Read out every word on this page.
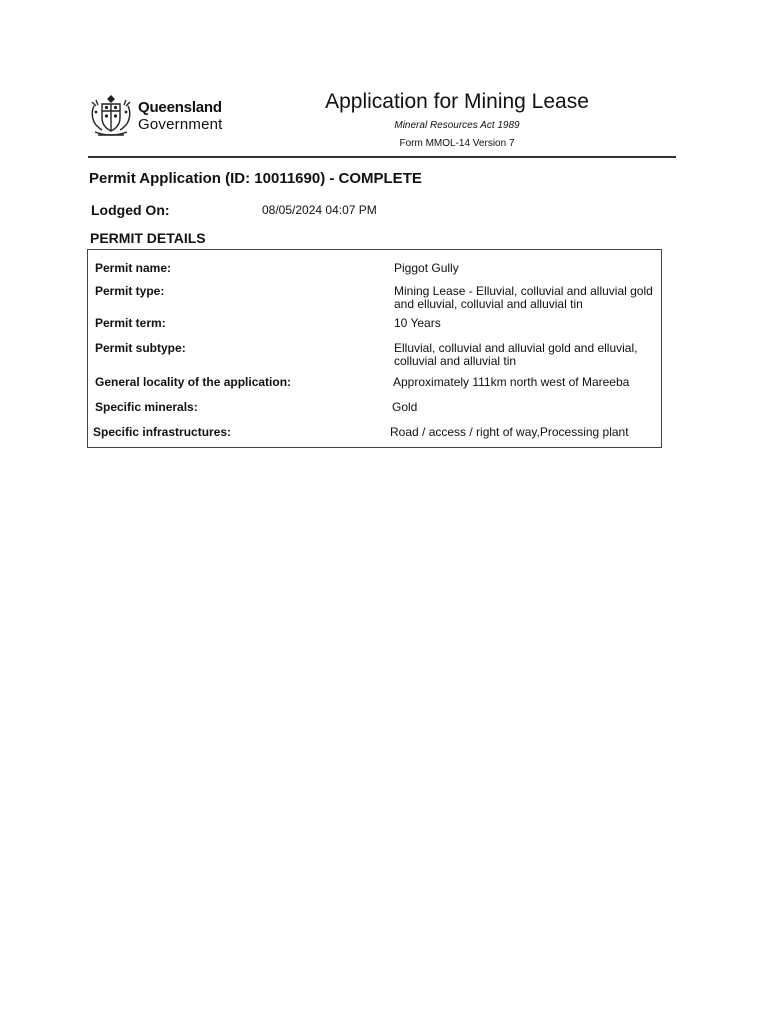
Queensland
Government
Application for Mining Lease
Mineral Resources Act 1989
Form MMOL-14 Version 7
Permit Application (ID: 10011690) - COMPLETE
Lodged On:	08/05/2024 04:07 PM
PERMIT DETAILS
Permit name:	Piggot Gully
Permit type:	Mining Lease - Elluvial, colluvial and alluvial gold and elluvial, colluvial and alluvial tin
Permit term:	10 Years
Permit subtype:	Elluvial, colluvial and alluvial gold and elluvial, colluvial and alluvial tin
General locality of the application:	Approximately 111km north west of Mareeba
Specific minerals:	Gold
Specific infrastructures:	Road / access / right of way,Processing plant
